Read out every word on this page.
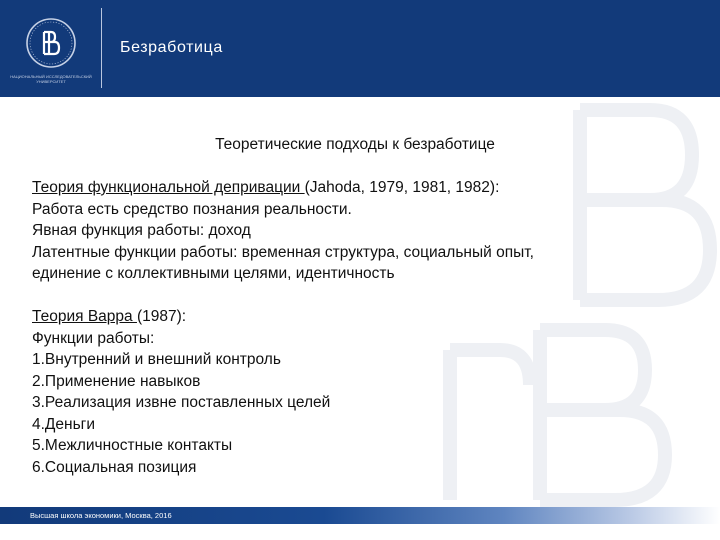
НАЦИОНАЛЬНЫЙ ИССЛЕДОВАТЕЛЬСКИЙ
УНИВЕРСИТЕТ
Безработица

Теоретические подходы к безработице

Теория функциональной депривации (Jahoda, 1979, 1981, 1982):

Работа есть средство познания реальности.

Явная функция работы: доход

Латентные функции работы: временная структура, социальный опыт,

единение с коллективными целями, идентичность

Теория Варра (1987):

Функции работы:

1.Внутренний и внешний контроль

2.Применение навыков

3.Реализация извне поставленных целей

4.Деньги

5.Межличностные контакты

6.Социальная позиция

Высшая школа экономики, Москва, 2016
